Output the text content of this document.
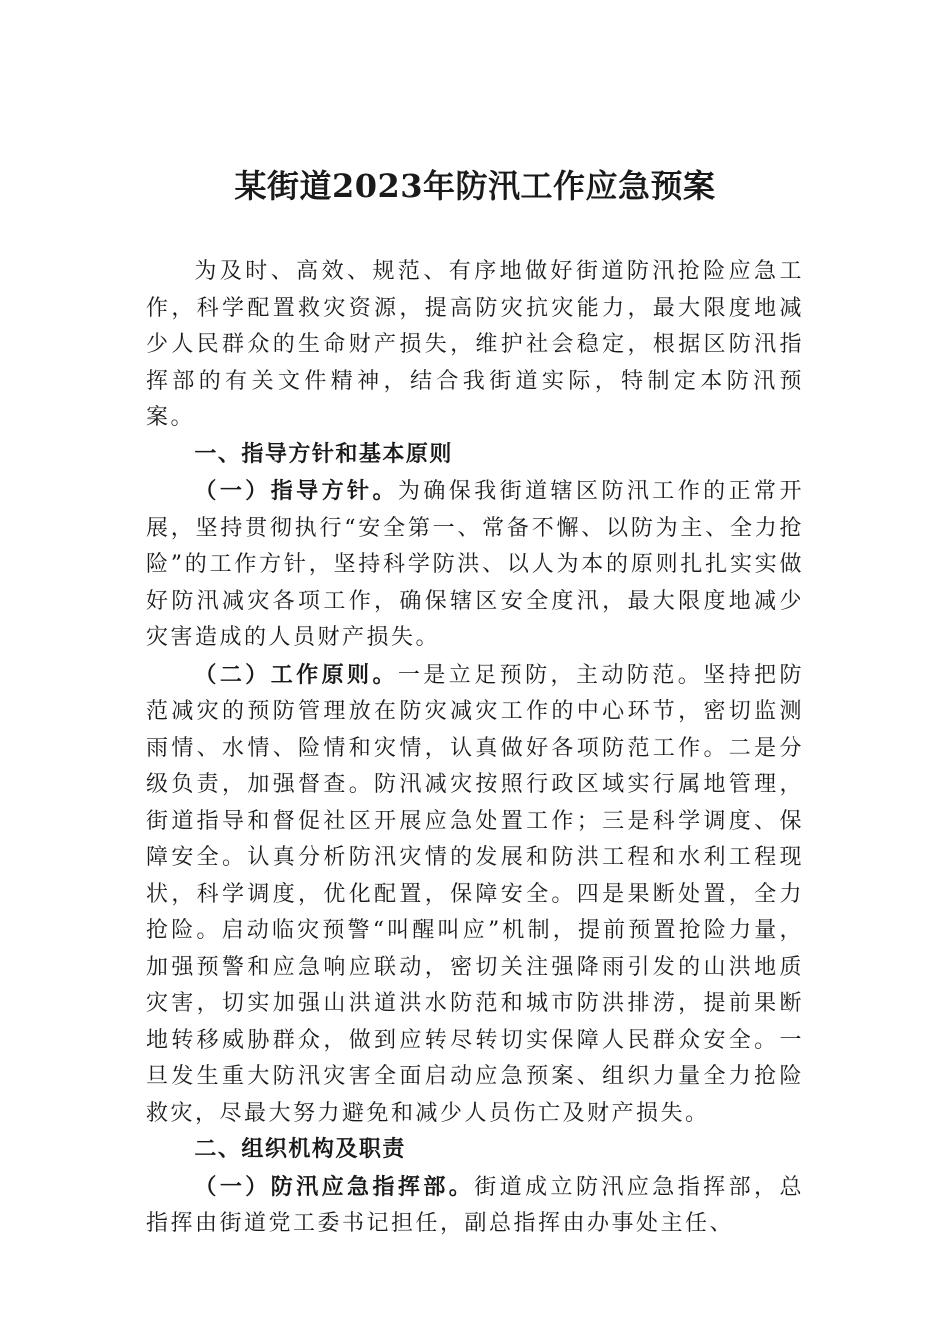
某街道2023年防汛工作应急预案

为及时、高效、规范、有序地做好街道防汛抢险应急工作，科学配置救灾资源，提高防灾抗灾能力，最大限度地减少人民群众的生命财产损失，维护社会稳定，根据区防汛指挥部的有关文件精神，结合我街道实际，特制定本防汛预案。

一、指导方针和基本原则

（一）指导方针。为确保我街道辖区防汛工作的正常开展，坚持贯彻执行“安全第一、常备不懈、以防为主、全力抢险”的工作方针，坚持科学防洪、以人为本的原则扎扎实实做好防汛减灾各项工作，确保辖区安全度汛，最大限度地减少灾害造成的人员财产损失。

（二）工作原则。一是立足预防，主动防范。坚持把防范减灾的预防管理放在防灾减灾工作的中心环节，密切监测雨情、水情、险情和灾情，认真做好各项防范工作。二是分级负责，加强督查。防汛减灾按照行政区域实行属地管理，街道指导和督促社区开展应急处置工作；三是科学调度、保障安全。认真分析防汛灾情的发展和防洪工程和水利工程现状，科学调度，优化配置，保障安全。四是果断处置，全力抢险。启动临灾预警“叫醒叫应”机制，提前预置抢险力量，加强预警和应急响应联动，密切关注强降雨引发的山洪地质灾害，切实加强山洪道洪水防范和城市防洪排涝，提前果断地转移威胁群众，做到应转尽转切实保障人民群众安全。一旦发生重大防汛灾害全面启动应急预案、组织力量全力抢险救灾，尽最大努力避免和减少人员伤亡及财产损失。

二、组织机构及职责

（一）防汛应急指挥部。街道成立防汛应急指挥部，总指挥由街道党工委书记担任，副总指挥由办事处主任、
